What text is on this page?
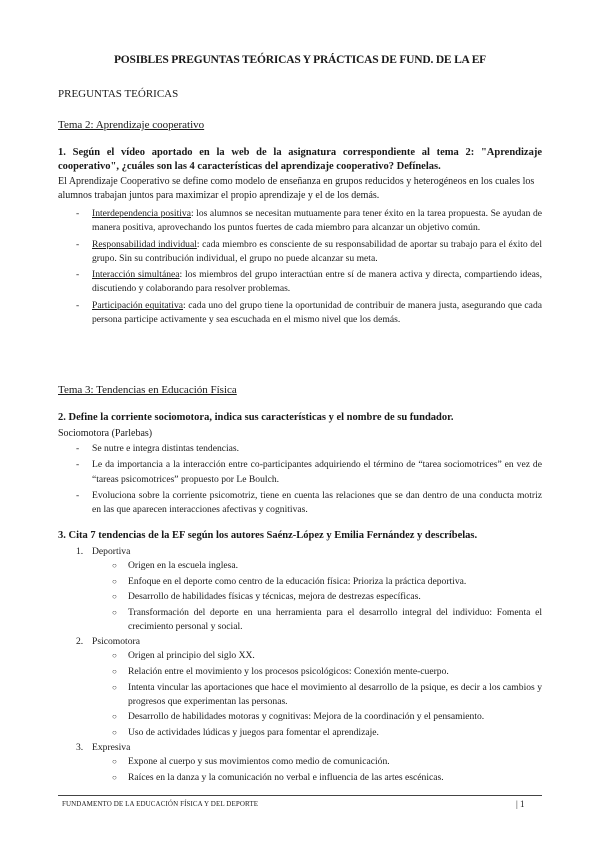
POSIBLES PREGUNTAS TEÓRICAS Y PRÁCTICAS DE FUND. DE LA EF
PREGUNTAS TEÓRICAS
Tema 2: Aprendizaje cooperativo
1. Según el vídeo aportado en la web de la asignatura correspondiente al tema 2: "Aprendizaje cooperativo", ¿cuáles son las 4 características del aprendizaje cooperativo? Defínelas.
El Aprendizaje Cooperativo se define como modelo de enseñanza en grupos reducidos y heterogéneos en los cuales los alumnos trabajan juntos para maximizar el propio aprendizaje y el de los demás.
- Interdependencia positiva: los alumnos se necesitan mutuamente para tener éxito en la tarea propuesta. Se ayudan de manera positiva, aprovechando los puntos fuertes de cada miembro para alcanzar un objetivo común.
- Responsabilidad individual: cada miembro es consciente de su responsabilidad de aportar su trabajo para el éxito del grupo. Sin su contribución individual, el grupo no puede alcanzar su meta.
- Interacción simultánea: los miembros del grupo interactúan entre sí de manera activa y directa, compartiendo ideas, discutiendo y colaborando para resolver problemas.
- Participación equitativa: cada uno del grupo tiene la oportunidad de contribuir de manera justa, asegurando que cada persona participe activamente y sea escuchada en el mismo nivel que los demás.
Tema 3: Tendencias en Educación Física
2. Define la corriente sociomotora, indica sus características y el nombre de su fundador.
Sociomotora (Parlebas)
- Se nutre e integra distintas tendencias.
- Le da importancia a la interacción entre co-participantes adquiriendo el término de “tarea sociomotrices” en vez de “tareas psicomotrices” propuesto por Le Boulch.
- Evoluciona sobre la corriente psicomotriz, tiene en cuenta las relaciones que se dan dentro de una conducta motriz en las que aparecen interacciones afectivas y cognitivas.
3. Cita 7 tendencias de la EF según los autores Saénz-López y Emilia Fernández y descríbelas.
1. Deportiva
○ Origen en la escuela inglesa.
○ Enfoque en el deporte como centro de la educación física: Prioriza la práctica deportiva.
○ Desarrollo de habilidades físicas y técnicas, mejora de destrezas específicas.
○ Transformación del deporte en una herramienta para el desarrollo integral del individuo: Fomenta el crecimiento personal y social.
2. Psicomotora
○ Origen al principio del siglo XX.
○ Relación entre el movimiento y los procesos psicológicos: Conexión mente-cuerpo.
○ Intenta vincular las aportaciones que hace el movimiento al desarrollo de la psique, es decir a los cambios y progresos que experimentan las personas.
○ Desarrollo de habilidades motoras y cognitivas: Mejora de la coordinación y el pensamiento.
○ Uso de actividades lúdicas y juegos para fomentar el aprendizaje.
3. Expresiva
○ Expone al cuerpo y sus movimientos como medio de comunicación.
○ Raíces en la danza y la comunicación no verbal e influencia de las artes escénicas.
FUNDAMENTO DE LA EDUCACIÓN FÍSICA Y DEL DEPORTE	| 1
